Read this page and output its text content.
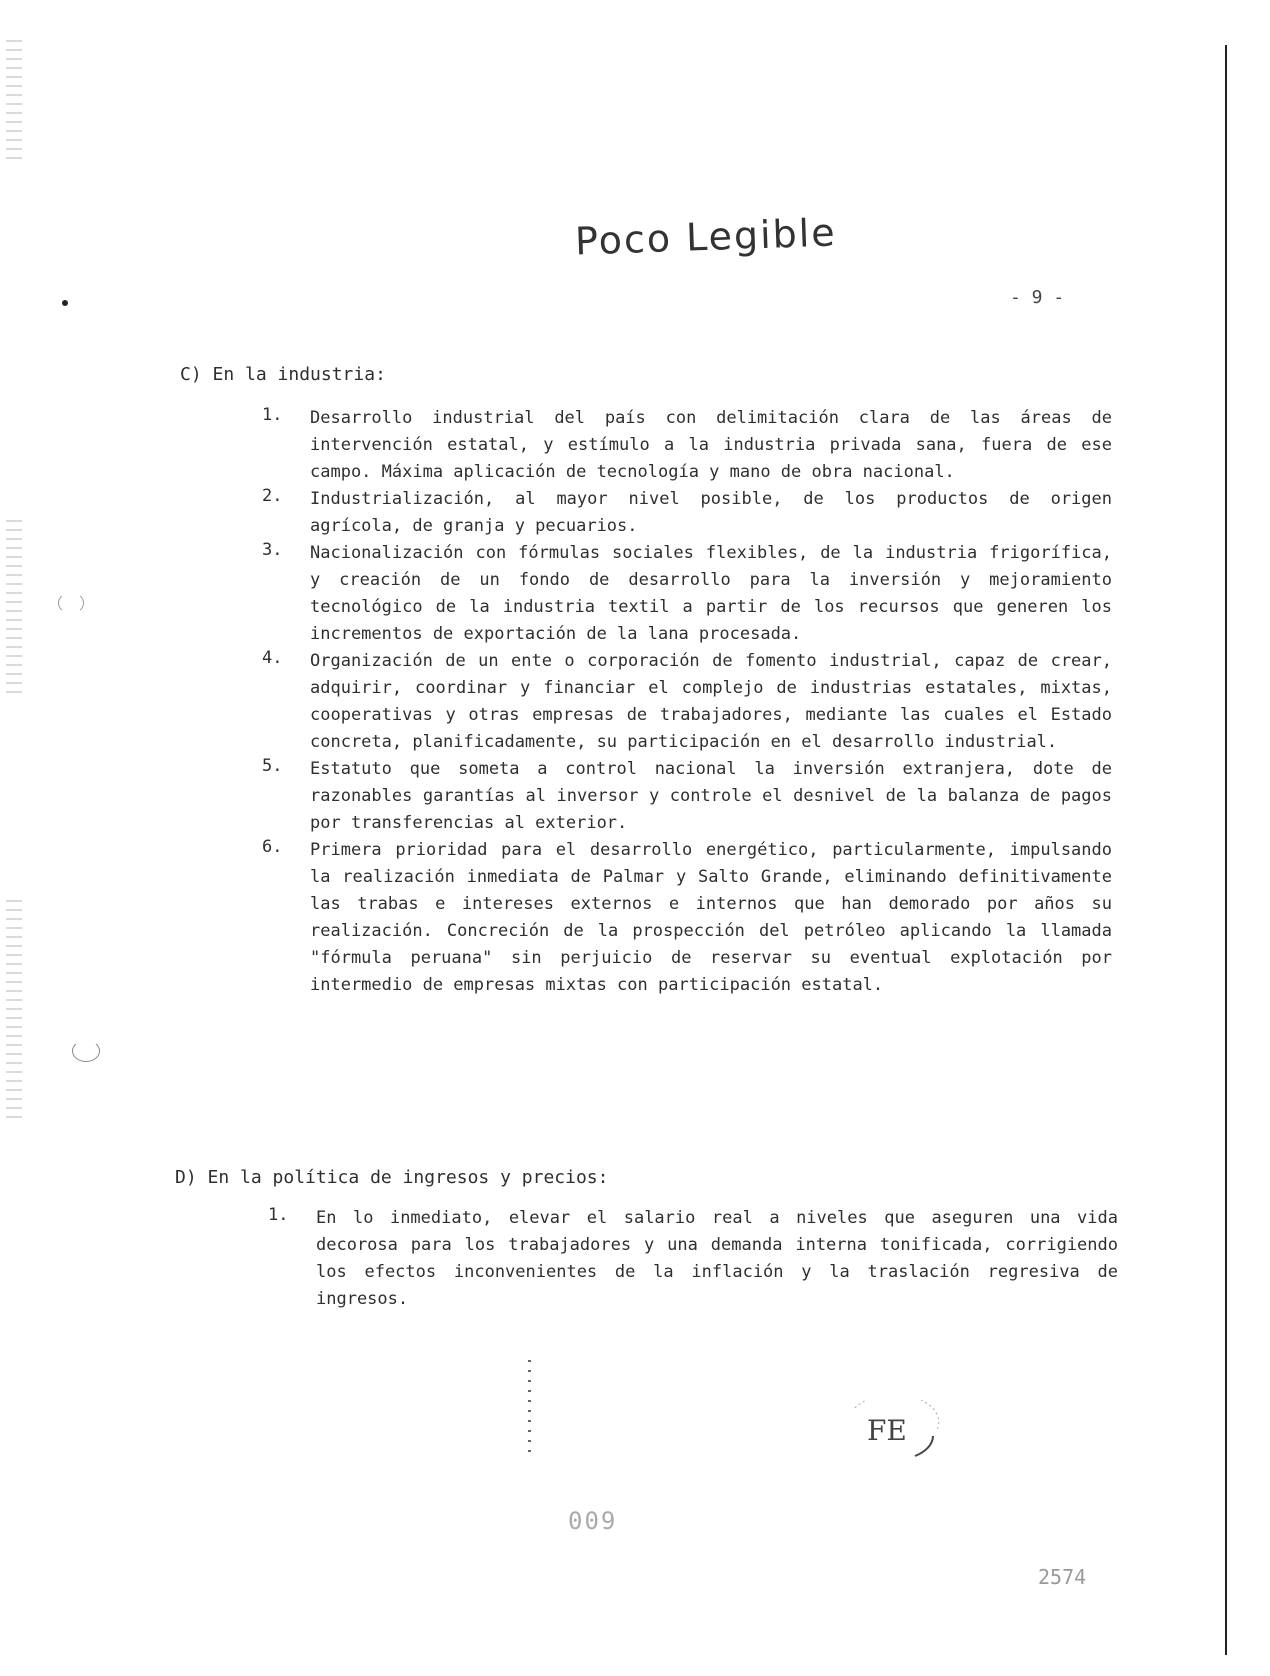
Poco Legible
- 9 -
C) En la industria:
1.	Desarrollo industrial del país con delimitación clara de las áreas de intervención estatal, y estímulo a la industria privada sana, fuera de ese campo. Máxima aplicación de tecnología y mano de obra nacional.
2.	Industrialización, al mayor nivel posible, de los productos de origen agrícola, de granja y pecuarios.
3.	Nacionalización con fórmulas sociales flexibles, de la industria frigorífica, y creación de un fondo de desarrollo para la inversión y mejoramiento tecnológico de la industria textil a partir de los recursos que generen los incrementos de exportación de la lana procesada.
4.	Organización de un ente o corporación de fomento industrial, capaz de crear, adquirir, coordinar y financiar el complejo de industrias estatales, mixtas, cooperativas y otras empresas de trabajadores, mediante las cuales el Estado concreta, planificadamente, su participación en el desarrollo industrial.
5.	Estatuto que someta a control nacional la inversión extranjera, dote de razonables garantías al inversor y controle el desnivel de la balanza de pagos por transferencias al exterior.
6.	Primera prioridad para el desarrollo energético, particularmente, impulsando la realización inmediata de Palmar y Salto Grande, eliminando definitivamente las trabas e intereses externos e internos que han demorado por años su realización. Concreción de la prospección del petróleo aplicando la llamada "fórmula peruana" sin perjuicio de reservar su eventual explotación por intermedio de empresas mixtas con participación estatal.
D) En la política de ingresos y precios:
1.	En lo inmediato, elevar el salario real a niveles que aseguren una vida decorosa para los trabajadores y una demanda interna tonificada, corrigiendo los efectos inconvenientes de la inflación y la traslación regresiva de ingresos.
FE
009
2574
